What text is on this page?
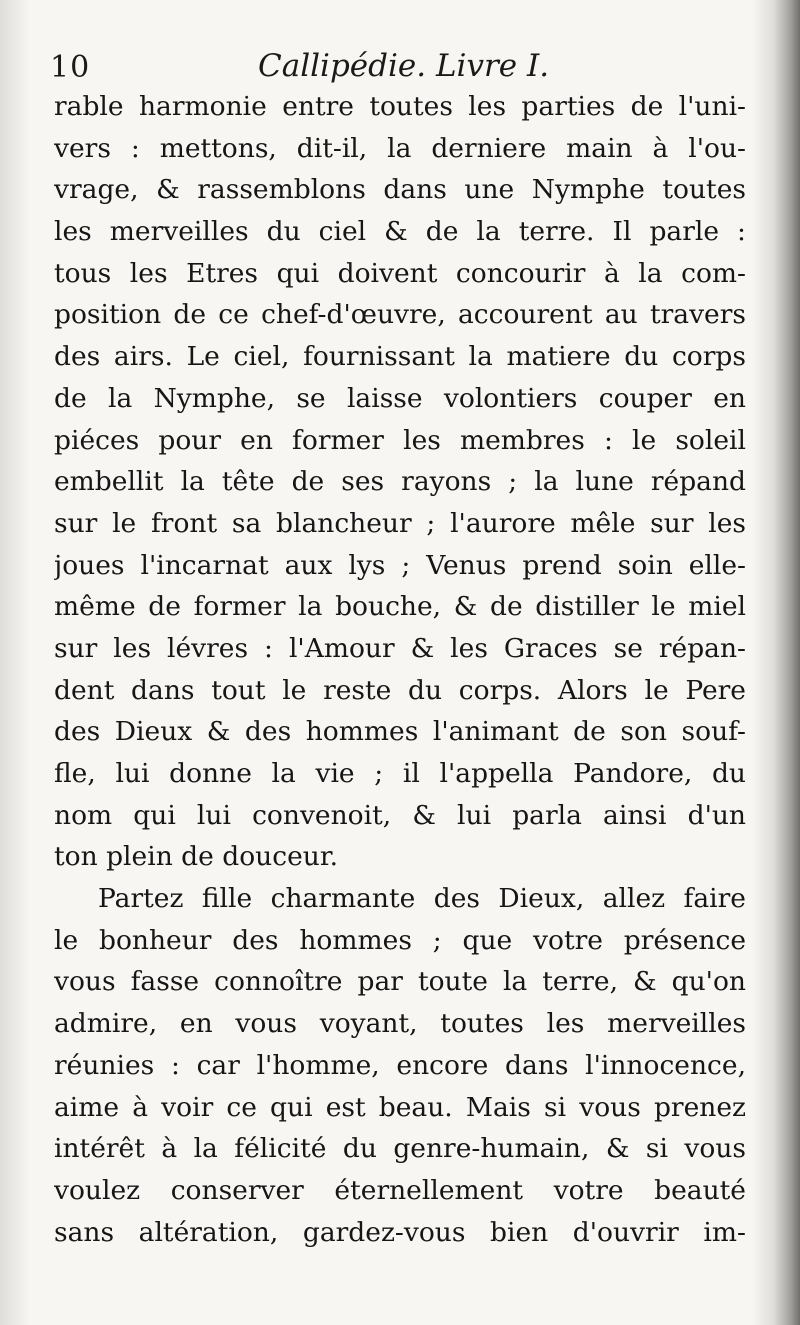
10	Callipédie. Livre I.
rable harmonie entre toutes les parties de l'uni-
vers : mettons, dit-il, la derniere main à l'ou-
vrage, & rassemblons dans une Nymphe toutes
les merveilles du ciel & de la terre. Il parle :
tous les Etres qui doivent concourir à la com-
position de ce chef-d'œuvre, accourent au travers
des airs. Le ciel, fournissant la matiere du corps
de la Nymphe, se laisse volontiers couper en
piéces pour en former les membres : le soleil
embellit la tête de ses rayons ; la lune répand
sur le front sa blancheur ; l'aurore mêle sur les
joues l'incarnat aux lys ; Venus prend soin elle-
même de former la bouche, & de distiller le miel
sur les lévres : l'Amour & les Graces se répan-
dent dans tout le reste du corps. Alors le Pere
des Dieux & des hommes l'animant de son souf-
fle, lui donne la vie ; il l'appella Pandore, du
nom qui lui convenoit, & lui parla ainsi d'un
ton plein de douceur.
Partez fille charmante des Dieux, allez faire
le bonheur des hommes ; que votre présence
vous fasse connoître par toute la terre, & qu'on
admire, en vous voyant, toutes les merveilles
réunies : car l'homme, encore dans l'innocence,
aime à voir ce qui est beau. Mais si vous prenez
intérêt à la félicité du genre-humain, & si vous
voulez conserver éternellement votre beauté
sans altération, gardez-vous bien d'ouvrir im-
